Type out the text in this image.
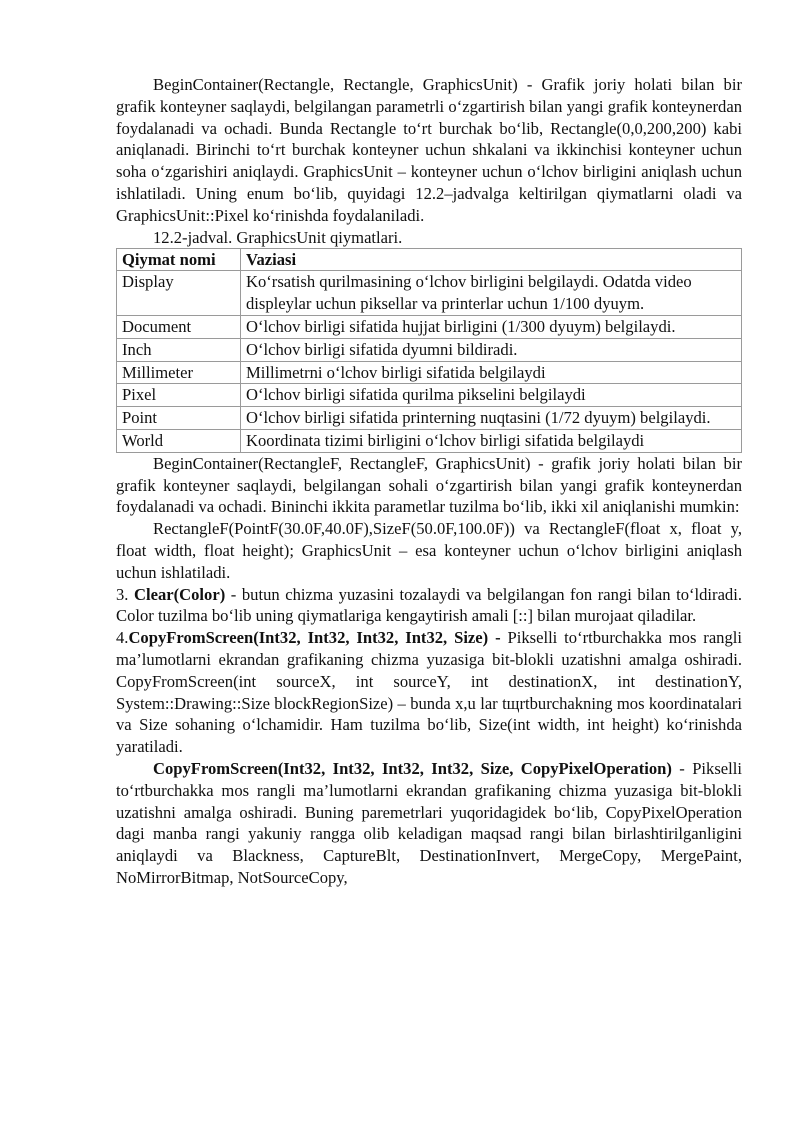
BeginContainer(Rectangle, Rectangle, GraphicsUnit) - Grafik joriy holati bilan bir grafik konteyner saqlaydi, belgilangan parametrli o‘zgartirish bilan yangi grafik konteynerdan foydalanadi va ochadi. Bunda Rectangle to‘rt burchak bo‘lib, Rectangle(0,0,200,200) kabi aniqlanadi. Birinchi to‘rt burchak konteyner uchun shkalani va ikkinchisi konteyner uchun soha o‘zgarishiri aniqlaydi. GraphicsUnit – konteyner uchun o‘lchov birligini aniqlash uchun ishlatiladi. Uning enum bo‘lib, quyidagi 12.2–jadvalga keltirilgan qiymatlarni oladi va GraphicsUnit::Pixel ko‘rinishda foydalaniladi.

12.2-jadval. GraphicsUnit qiymatlari.

Qiymat nomi	Vaziasi
Display	Ko‘rsatish qurilmasining o‘lchov birligini belgilaydi. Odatda video displeylar uchun piksellar va printerlar uchun 1/100 dyuym.
Document	O‘lchov birligi sifatida hujjat birligini (1/300 dyuym) belgilaydi.
Inch	O‘lchov birligi sifatida dyumni bildiradi.
Millimeter	Millimetrni o‘lchov birligi sifatida belgilaydi
Pixel	O‘lchov birligi sifatida qurilma pikselini belgilaydi
Point	O‘lchov birligi sifatida printerning nuqtasini (1/72 dyuym) belgilaydi.
World	Koordinata tizimi birligini o‘lchov birligi sifatida belgilaydi

BeginContainer(RectangleF, RectangleF, GraphicsUnit) - grafik joriy holati bilan bir grafik konteyner saqlaydi, belgilangan sohali o‘zgartirish bilan yangi grafik konteynerdan foydalanadi va ochadi. Bininchi ikkita parametlar tuzilma bo‘lib, ikki xil aniqlanishi mumkin:

RectangleF(PointF(30.0F,40.0F),SizeF(50.0F,100.0F)) va RectangleF(float x, float y, float width, float height); GraphicsUnit – esa konteyner uchun o‘lchov birligini aniqlash uchun ishlatiladi.

3. Clear(Color) - butun chizma yuzasini tozalaydi va belgilangan fon rangi bilan to‘ldiradi. Color tuzilma bo‘lib uning qiymatlariga kengaytirish amali [::] bilan murojaat qiladilar.

4.CopyFromScreen(Int32, Int32, Int32, Int32, Size) - Pikselli to‘rtburchakka mos rangli ma’lumotlarni ekrandan grafikaning chizma yuzasiga bit-blokli uzatishni amalga oshiradi. CopyFromScreen(int sourceX, int sourceY, int destinationX, int destinationY, System::Drawing::Size blockRegionSize) – bunda x,u lar tщrtburchakning mos koordinatalari va Size sohaning o‘lchamidir. Ham tuzilma bo‘lib, Size(int width, int height) ko‘rinishda yaratiladi.

CopyFromScreen(Int32, Int32, Int32, Int32, Size, CopyPixelOperation) - Pikselli to‘rtburchakka mos rangli ma’lumotlarni ekrandan grafikaning chizma yuzasiga bit-blokli uzatishni amalga oshiradi. Buning paremetrlari yuqoridagidek bo‘lib, CopyPixelOperation dagi manba rangi yakuniy rangga olib keladigan maqsad rangi bilan birlashtirilganligini aniqlaydi va Blackness, CaptureBlt, DestinationInvert, MergeCopy, MergePaint, NoMirrorBitmap, NotSourceCopy,
